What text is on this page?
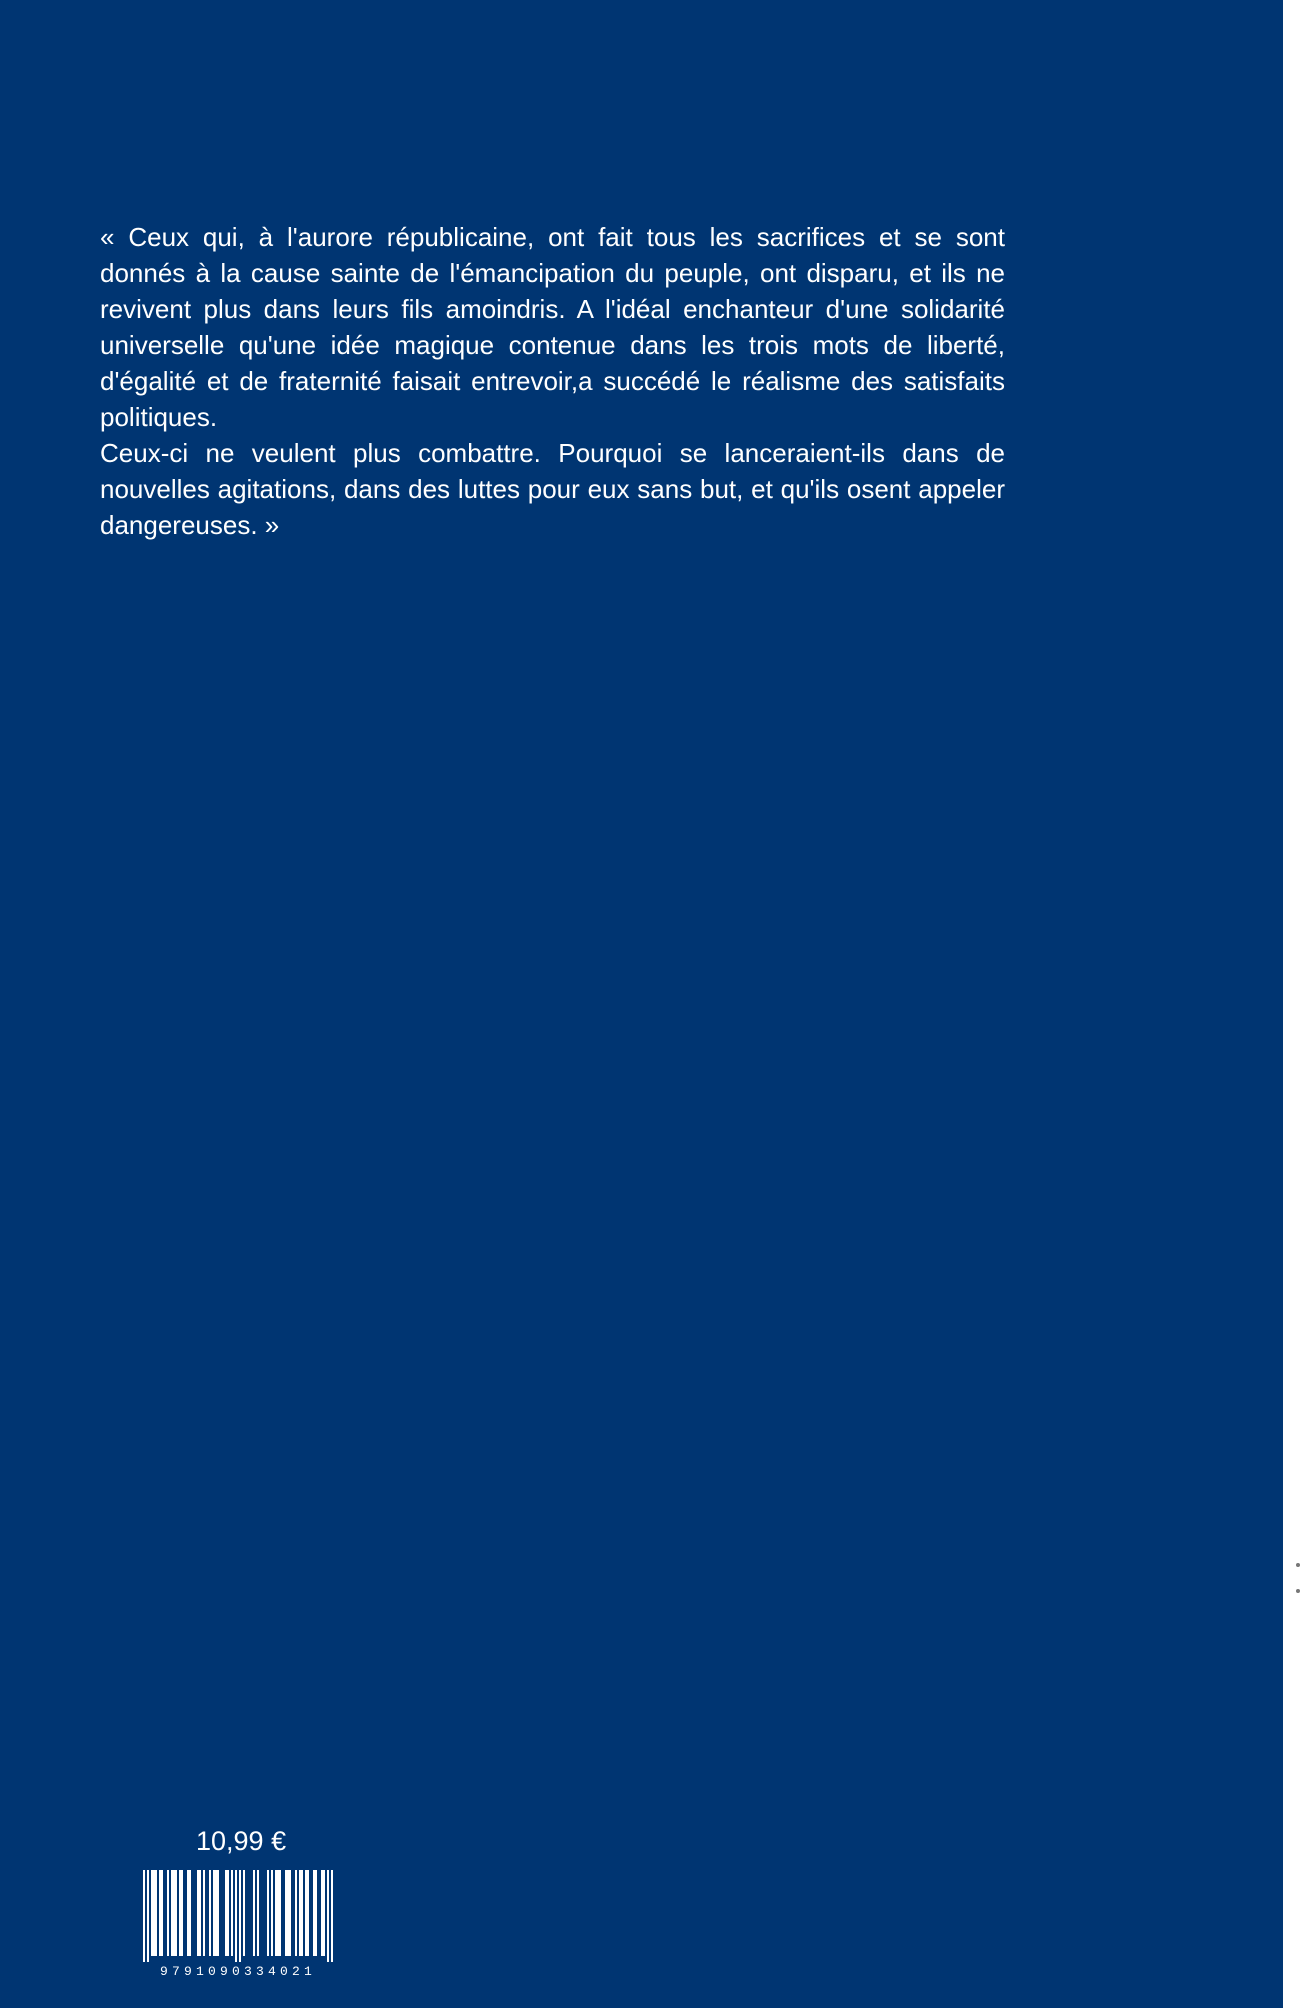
« Ceux qui, à l'aurore républicaine, ont fait tous les sacrifices et se sont donnés à la cause sainte de l'émancipation du peuple, ont disparu, et ils ne revivent plus dans leurs fils amoindris. A l'idéal enchanteur d'une solidarité universelle qu'une idée magique contenue dans les trois mots de liberté, d'égalité et de fraternité faisait entrevoir,a succédé le réalisme des satisfaits politiques.

Ceux-ci ne veulent plus combattre. Pourquoi se lanceraient-ils dans de nouvelles agitations, dans des luttes pour eux sans but, et qu'ils osent appeler dangereuses. »

10,99 €
9791090334021
